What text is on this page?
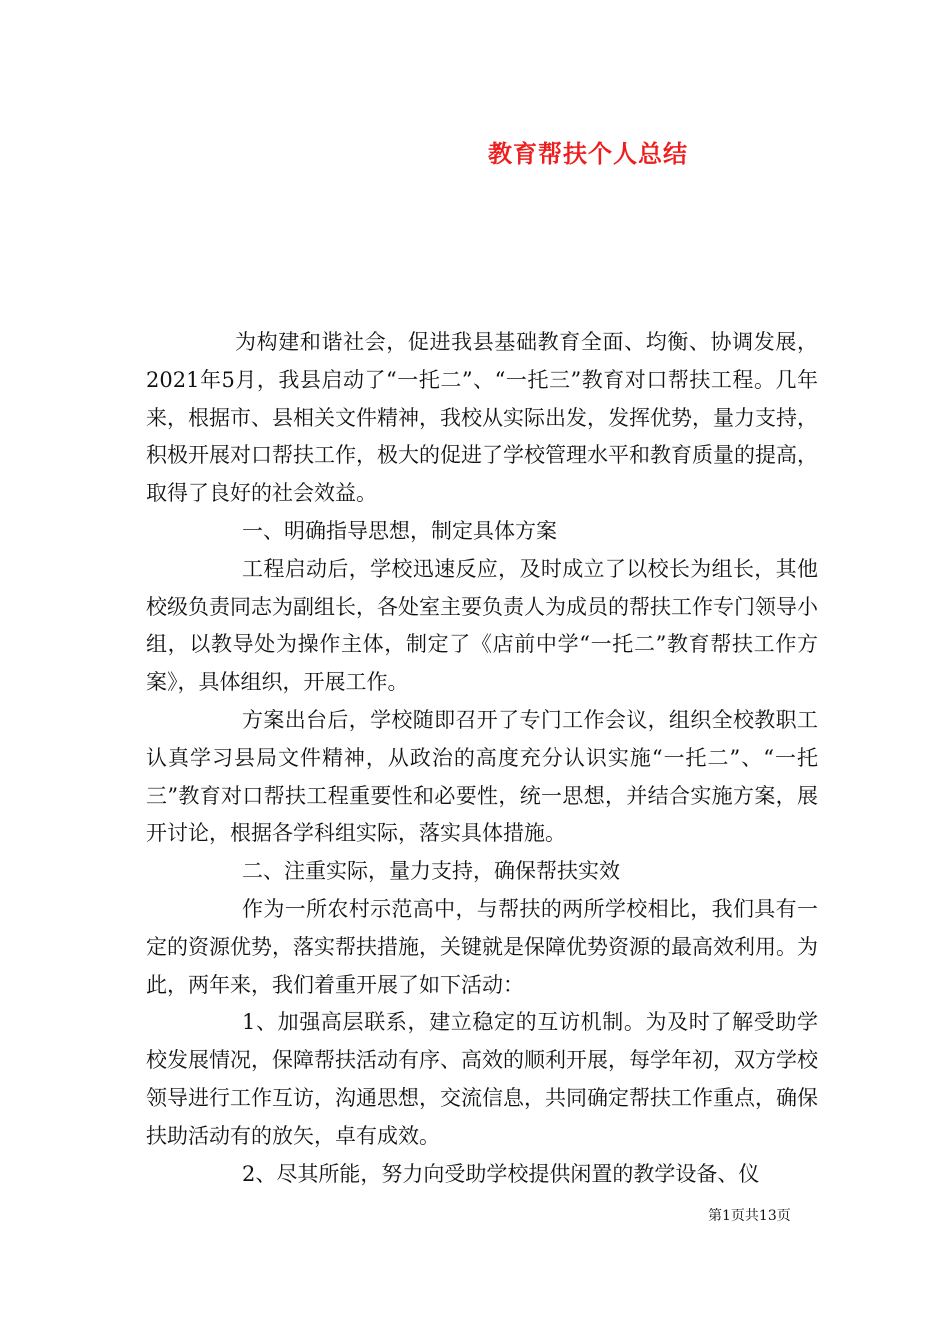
教育帮扶个人总结

为构建和谐社会，促进我县基础教育全面、均衡、协调发展，2021年5月，我县启动了“一托二”、“一托三”教育对口帮扶工程。几年来，根据市、县相关文件精神，我校从实际出发，发挥优势，量力支持，积极开展对口帮扶工作，极大的促进了学校管理水平和教育质量的提高，取得了良好的社会效益。

一、明确指导思想，制定具体方案

工程启动后，学校迅速反应，及时成立了以校长为组长，其他校级负责同志为副组长，各处室主要负责人为成员的帮扶工作专门领导小组，以教导处为操作主体，制定了《店前中学“一托二”教育帮扶工作方案》，具体组织，开展工作。

方案出台后，学校随即召开了专门工作会议，组织全校教职工认真学习县局文件精神，从政治的高度充分认识实施“一托二”、“一托三”教育对口帮扶工程重要性和必要性，统一思想，并结合实施方案，展开讨论，根据各学科组实际，落实具体措施。

二、注重实际，量力支持，确保帮扶实效

作为一所农村示范高中，与帮扶的两所学校相比，我们具有一定的资源优势，落实帮扶措施，关键就是保障优势资源的最高效利用。为此，两年来，我们着重开展了如下活动：

1、加强高层联系，建立稳定的互访机制。为及时了解受助学校发展情况，保障帮扶活动有序、高效的顺利开展，每学年初，双方学校领导进行工作互访，沟通思想，交流信息，共同确定帮扶工作重点，确保扶助活动有的放矢，卓有成效。

2、尽其所能，努力向受助学校提供闲置的教学设备、仪

第1页共13页
